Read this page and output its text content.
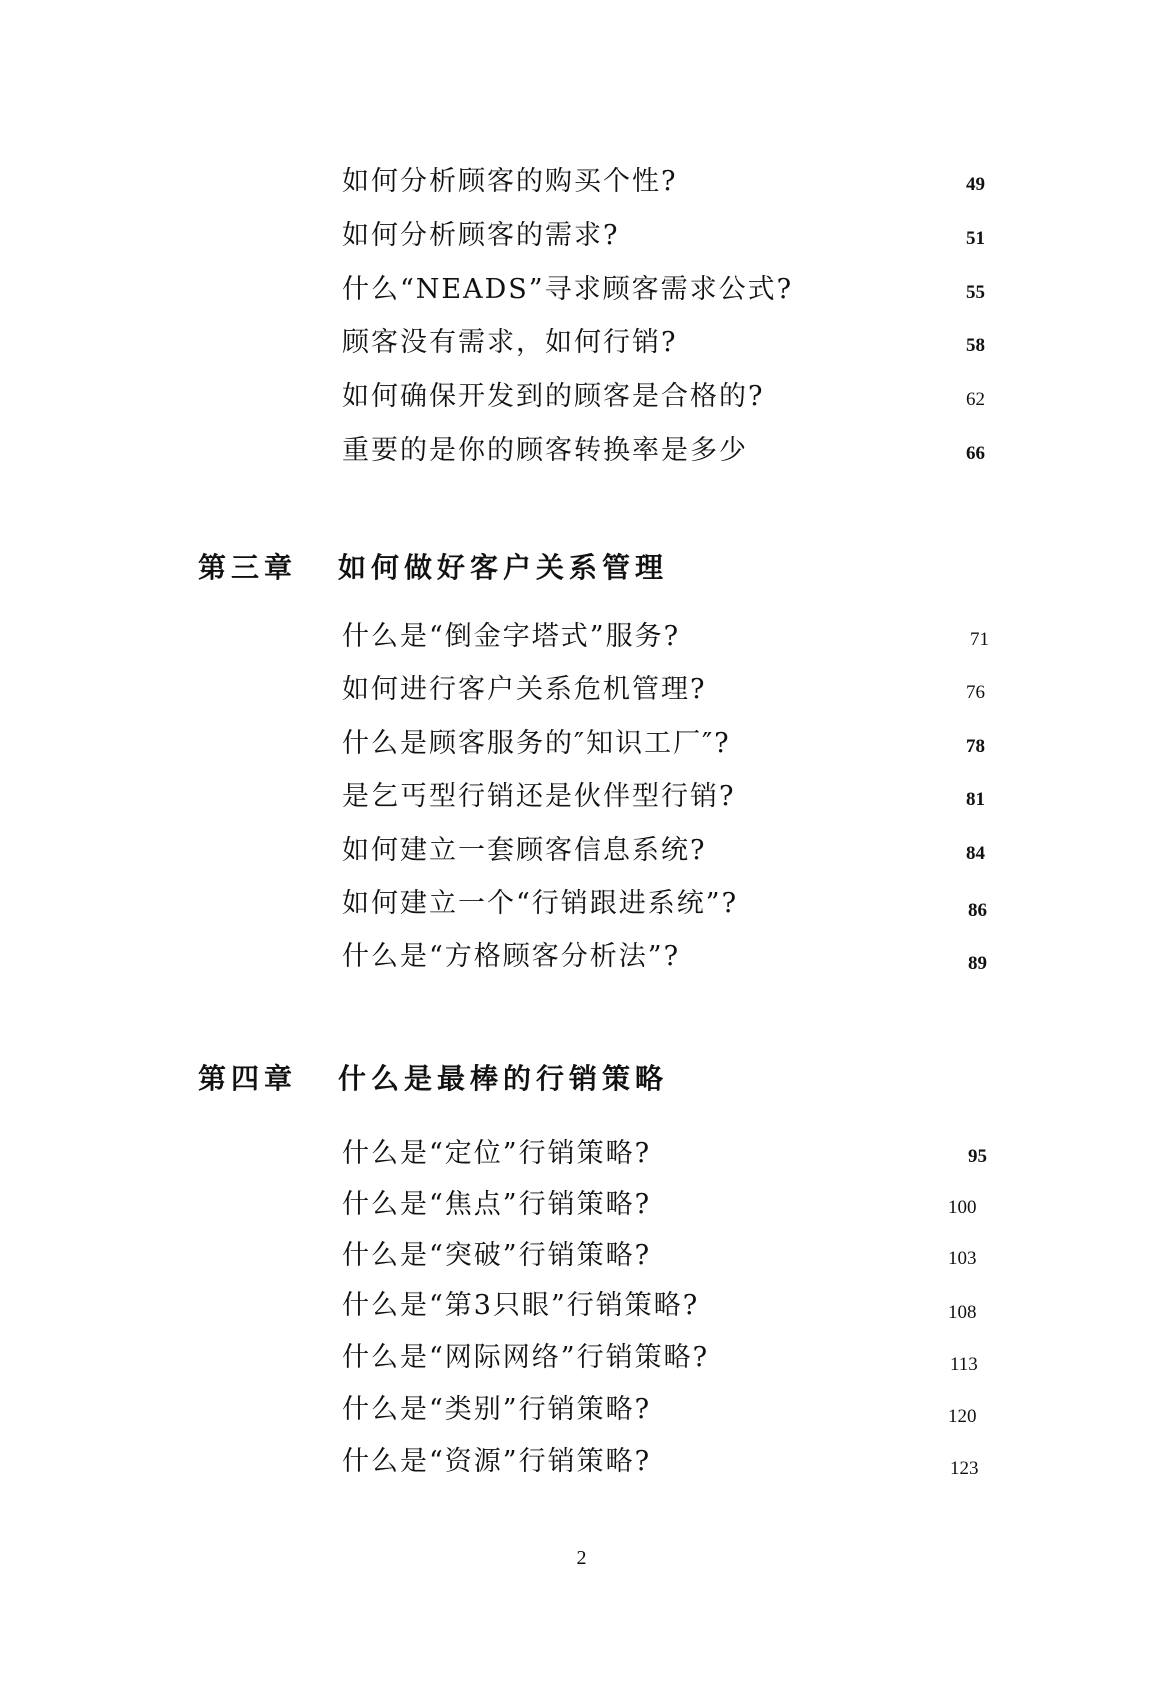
如何分析顾客的购买个性?	49
如何分析顾客的需求?	51
什么“NEADS”寻求顾客需求公式?	55
顾客没有需求，如何行销?	58
如何确保开发到的顾客是合格的?	62
重要的是你的顾客转换率是多少	66
第三章 如何做好客户关系管理
什么是“倒金字塔式”服务?	71
如何进行客户关系危机管理?	76
什么是顾客服务的″知识工厂″?	78
是乞丐型行销还是伙伴型行销?	81
如何建立一套顾客信息系统?	84
如何建立一个“行销跟进系统”?	86
什么是“方格顾客分析法”?	89
第四章 什么是最棒的行销策略
什么是“定位”行销策略?	95
什么是“焦点”行销策略?	100
什么是“突破”行销策略?	103
什么是“第3只眼”行销策略?	108
什么是“网际网络”行销策略?	113
什么是“类别”行销策略?	120
什么是“资源”行销策略?	123
2
